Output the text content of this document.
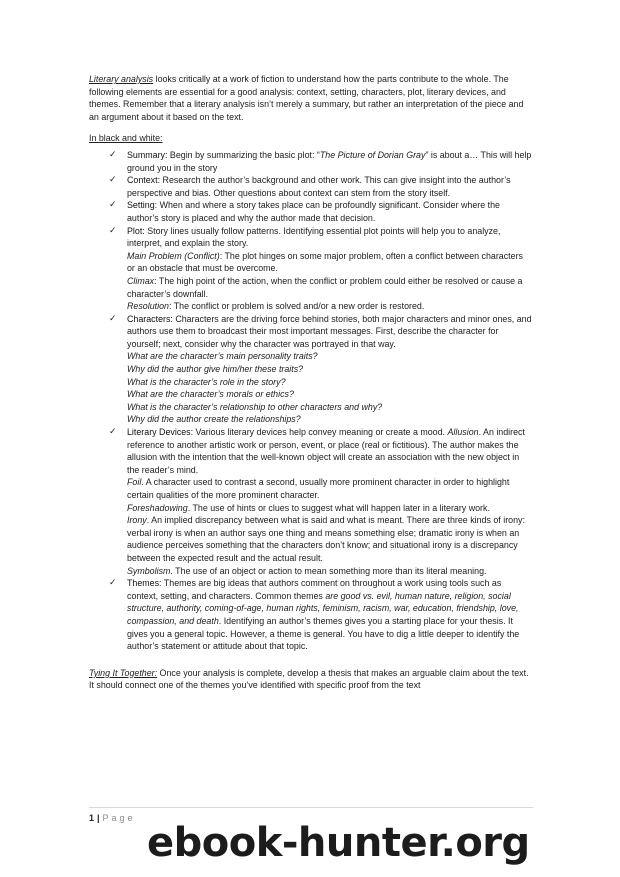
Literary analysis looks critically at a work of fiction to understand how the parts contribute to the whole. The following elements are essential for a good analysis: context, setting, characters, plot, literary devices, and themes. Remember that a literary analysis isn’t merely a summary, but rather an interpretation of the piece and an argument about it based on the text.

In black and white:

✓ Summary: Begin by summarizing the basic plot: “The Picture of Dorian Gray” is about a… This will help ground you in the story
✓ Context: Research the author’s background and other work. This can give insight into the author’s perspective and bias. Other questions about context can stem from the story itself.
✓ Setting: When and where a story takes place can be profoundly significant. Consider where the author’s story is placed and why the author made that decision.
✓ Plot: Story lines usually follow patterns. Identifying essential plot points will help you to analyze, interpret, and explain the story.
Main Problem (Conflict): The plot hinges on some major problem, often a conflict between characters or an obstacle that must be overcome.
Climax: The high point of the action, when the conflict or problem could either be resolved or cause a character’s downfall.
Resolution: The conflict or problem is solved and/or a new order is restored.
✓ Characters: Characters are the driving force behind stories, both major characters and minor ones, and authors use them to broadcast their most important messages. First, describe the character for yourself; next, consider why the character was portrayed in that way.
What are the character’s main personality traits?
Why did the author give him/her these traits?
What is the character’s role in the story?
What are the character’s morals or ethics?
What is the character’s relationship to other characters and why?
Why did the author create the relationships?
✓ Literary Devices: Various literary devices help convey meaning or create a mood. Allusion. An indirect reference to another artistic work or person, event, or place (real or fictitious). The author makes the allusion with the intention that the well-known object will create an association with the new object in the reader’s mind.
Foil. A character used to contrast a second, usually more prominent character in order to highlight certain qualities of the more prominent character.
Foreshadowing. The use of hints or clues to suggest what will happen later in a literary work.
Irony. An implied discrepancy between what is said and what is meant. There are three kinds of irony: verbal irony is when an author says one thing and means something else; dramatic irony is when an audience perceives something that the characters don’t know; and situational irony is a discrepancy between the expected result and the actual result.
Symbolism. The use of an object or action to mean something more than its literal meaning.
✓ Themes: Themes are big ideas that authors comment on throughout a work using tools such as context, setting, and characters. Common themes are good vs. evil, human nature, religion, social structure, authority, coming-of-age, human rights, feminism, racism, war, education, friendship, love, compassion, and death. Identifying an author’s themes gives you a starting place for your thesis. It gives you a general topic. However, a theme is general. You have to dig a little deeper to identify the author’s statement or attitude about that topic.

Tying It Together: Once your analysis is complete, develop a thesis that makes an arguable claim about the text. It should connect one of the themes you’ve identified with specific proof from the text

1 | Page
ebook-hunter.org
